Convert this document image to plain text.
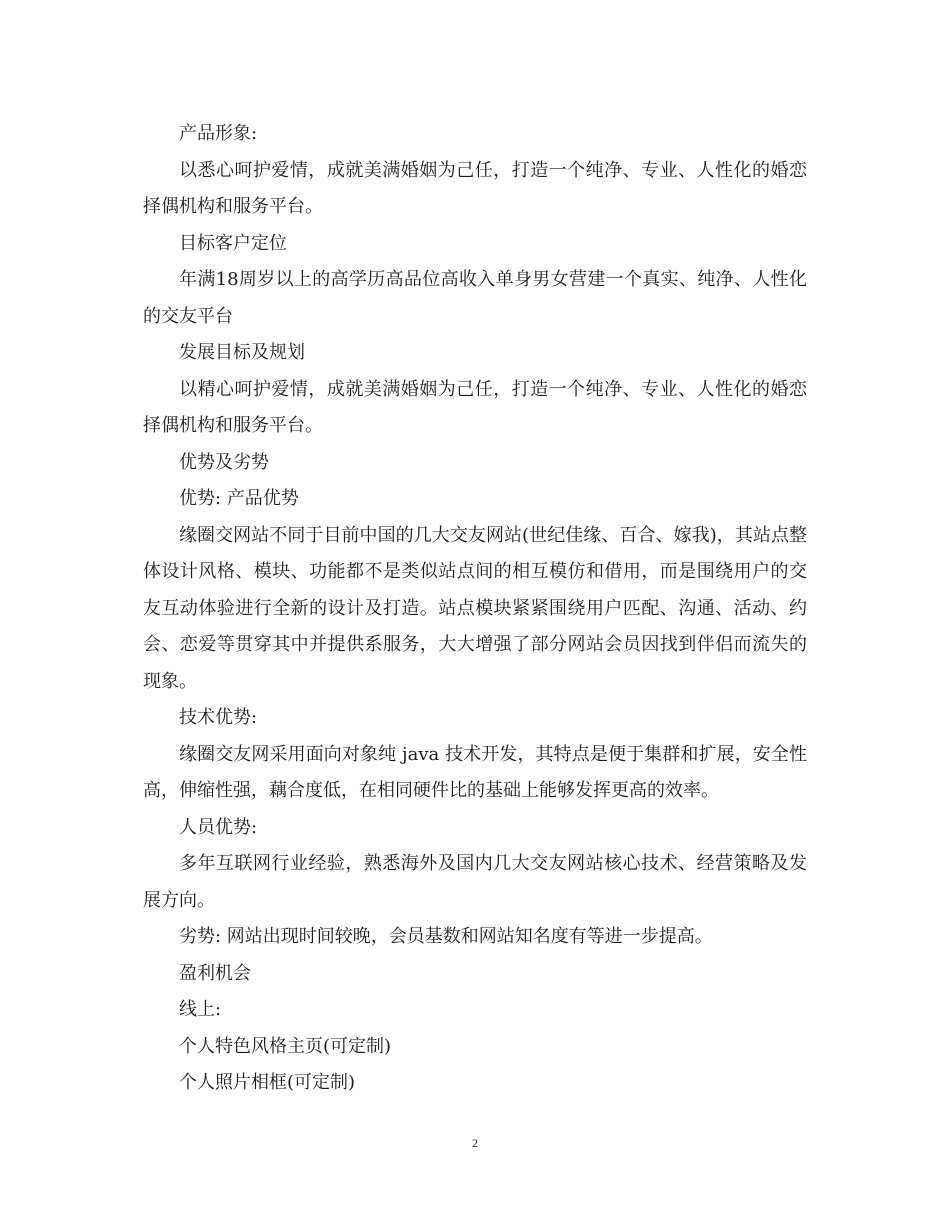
产品形象:

以悉心呵护爱情，成就美满婚姻为己任，打造一个纯净、专业、人性化的婚恋择偶机构和服务平台。

目标客户定位

年满18周岁以上的高学历高品位高收入单身男女营建一个真实、纯净、人性化的交友平台

发展目标及规划

以精心呵护爱情，成就美满婚姻为己任，打造一个纯净、专业、人性化的婚恋择偶机构和服务平台。

优势及劣势

优势: 产品优势

缘圈交网站不同于目前中国的几大交友网站(世纪佳缘、百合、嫁我)，其站点整体设计风格、模块、功能都不是类似站点间的相互模仿和借用，而是围绕用户的交友互动体验进行全新的设计及打造。站点模块紧紧围绕用户匹配、沟通、活动、约会、恋爱等贯穿其中并提供系服务，大大增强了部分网站会员因找到伴侣而流失的现象。

技术优势:

缘圈交友网采用面向对象纯 java 技术开发，其特点是便于集群和扩展，安全性高，伸缩性强，藕合度低，在相同硬件比的基础上能够发挥更高的效率。

人员优势:

多年互联网行业经验，熟悉海外及国内几大交友网站核心技术、经营策略及发展方向。

劣势: 网站出现时间较晚，会员基数和网站知名度有等进一步提高。

盈利机会

线上:

个人特色风格主页(可定制)

个人照片相框(可定制)

2
